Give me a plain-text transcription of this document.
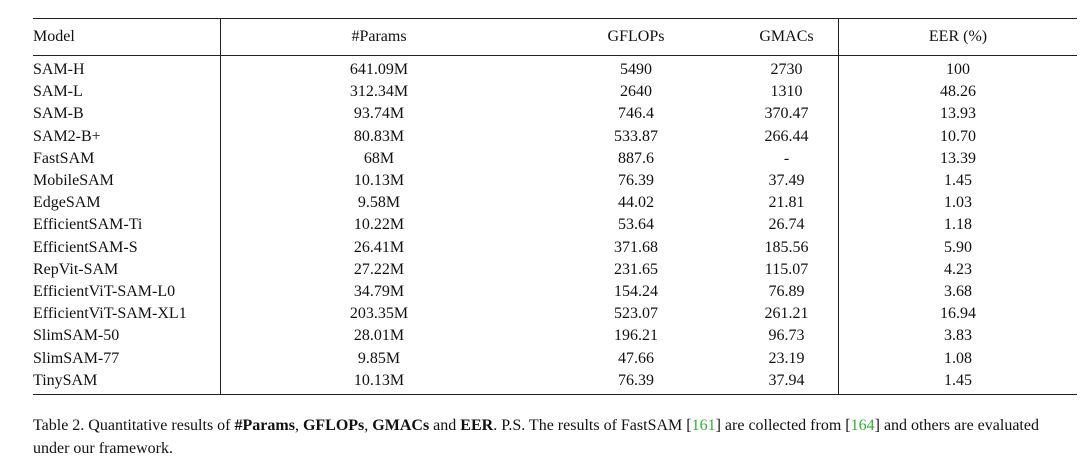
Model	#Params	GFLOPs	GMACs	EER (%)
SAM-H	641.09M	5490	2730	100
SAM-L	312.34M	2640	1310	48.26
SAM-B	93.74M	746.4	370.47	13.93
SAM2-B+	80.83M	533.87	266.44	10.70
FastSAM	68M	887.6	-	13.39
MobileSAM	10.13M	76.39	37.49	1.45
EdgeSAM	9.58M	44.02	21.81	1.03
EfficientSAM-Ti	10.22M	53.64	26.74	1.18
EfficientSAM-S	26.41M	371.68	185.56	5.90
RepVit-SAM	27.22M	231.65	115.07	4.23
EfficientViT-SAM-L0	34.79M	154.24	76.89	3.68
EfficientViT-SAM-XL1	203.35M	523.07	261.21	16.94
SlimSAM-50	28.01M	196.21	96.73	3.83
SlimSAM-77	9.85M	47.66	23.19	1.08
TinySAM	10.13M	76.39	37.94	1.45
Table 2. Quantitative results of #Params, GFLOPs, GMACs and EER. P.S. The results of FastSAM [161] are collected from [164] and others are evaluated under our framework.
